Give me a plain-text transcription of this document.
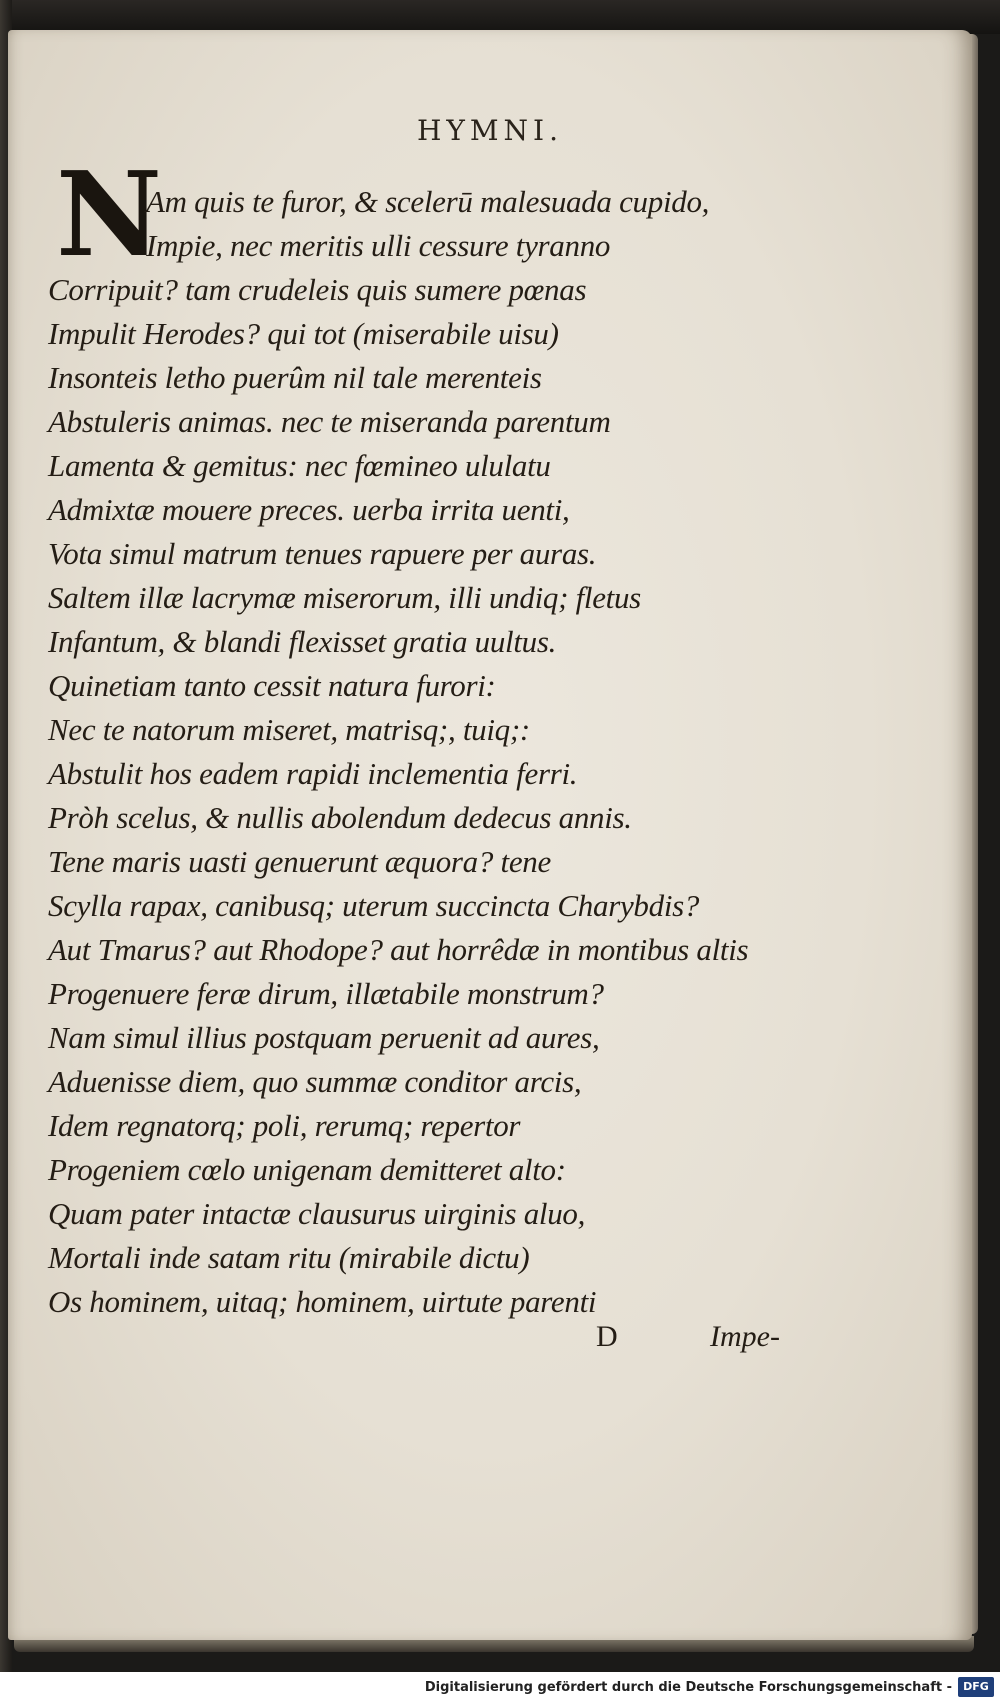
HYMNI.
N
Am quis te furor, & scelerū malesuada cupido,
Impie, nec meritis ulli cessure tyranno
Corripuit? tam crudeleis quis sumere pœnas
Impulit Herodes? qui tot (miserabile uisu)
Insonteis letho puerûm nil tale merenteis
Abstuleris animas. nec te miseranda parentum
Lamenta & gemitus: nec fœmineo ululatu
Admixtæ mouere preces. uerba irrita uenti,
Vota simul matrum tenues rapuere per auras.
Saltem illæ lacrymæ miserorum, illi undiq; fletus
Infantum, & blandi flexisset gratia uultus.
Quinetiam tanto cessit natura furori:
Nec te natorum miseret, matrisq;, tuiq;:
Abstulit hos eadem rapidi inclementia ferri.
Pròh scelus, & nullis abolendum dedecus annis.
Tene maris uasti genuerunt æquora? tene
Scylla rapax, canibusq; uterum succincta Charybdis?
Aut Tmarus? aut Rhodope? aut horrêdæ in montibus altis
Progenuere feræ dirum, illætabile monstrum?
Nam simul illius postquam peruenit ad aures,
Aduenisse diem, quo summæ conditor arcis,
Idem regnatorq; poli, rerumq; repertor
Progeniem cœlo unigenam demitteret alto:
Quam pater intactæ clausurus uirginis aluo,
Mortali inde satam ritu (mirabile dictu)
Os hominem, uitaq; hominem, uirtute parenti
D	Impe-
Digitalisierung gefördert durch die Deutsche Forschungsgemeinschaft -	DFG
